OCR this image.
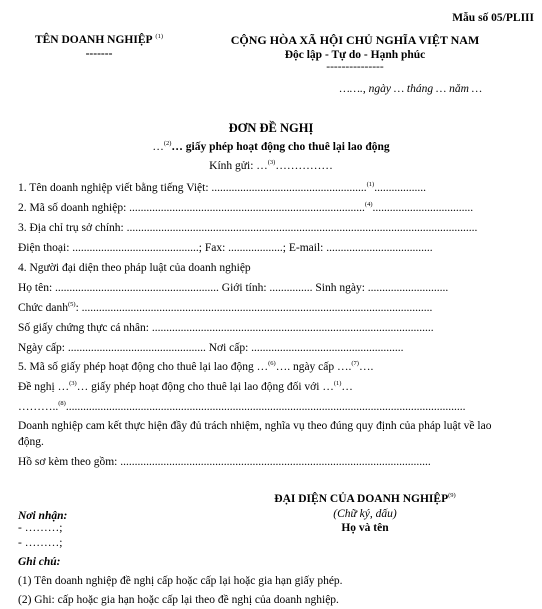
Mẫu số 05/PLIII
TÊN DOANH NGHIỆP $^{(1)}$
-------
CỘNG HÒA XÃ HỘI CHỦ NGHĨA VIỆT NAM
Độc lập - Tự do - Hạnh phúc
---------------
……., ngày … tháng … năm …
ĐƠN ĐỀ NGHỊ
…$^{(2)}$… giấy phép hoạt động cho thuê lại lao động
Kính gửi: …$^{(3)}$……………
1. Tên doanh nghiệp viết bằng tiếng Việt: ......................................................$^{(1)}$..................
2. Mã số doanh nghiệp: ..................................................................................$^{(4)}$...................................
3. Địa chỉ trụ sở chính: ..........................................................................................................................
Điện thoại: ............................................; Fax: ...................; E-mail: .....................................
4. Người đại diện theo pháp luật của doanh nghiệp
Họ tên: ......................................................... Giới tính: ............... Sinh ngày: ............................
Chức danh$^{(5)}$: ..........................................................................................................................
Số giấy chứng thực cá nhân: ..................................................................................................
Ngày cấp: ................................................ Nơi cấp: .....................................................
5. Mã số giấy phép hoạt động cho thuê lại lao động …$^{(6)}$…. ngày cấp ….$^{(7)}$….
Đề nghị …$^{(3)}$… giấy phép hoạt động cho thuê lại lao động đối với …$^{(1)}$…
………..$^{(8)}$...........................................................................................................................................
Doanh nghiệp cam kết thực hiện đầy đủ trách nhiệm, nghĩa vụ theo đúng quy định của pháp luật về lao
động.
Hồ sơ kèm theo gồm: ............................................................................................................
ĐẠI DIỆN CỦA DOANH NGHIỆP$^{(9)}$
(Chữ ký, dấu)
Họ và tên
Nơi nhận:
- ………;
- ………;
Ghi chú:
(1) Tên doanh nghiệp đề nghị cấp hoặc cấp lại hoặc gia hạn giấy phép.
(2) Ghi: cấp hoặc gia hạn hoặc cấp lại theo đề nghị của doanh nghiệp.
